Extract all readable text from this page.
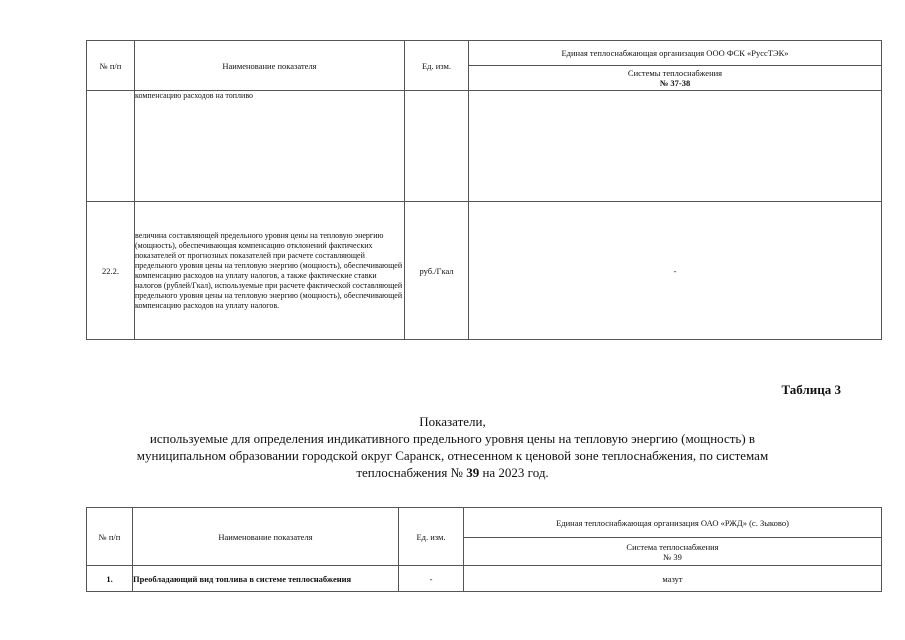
№ п/п	Наименование показателя	Ед. изм.	Единая теплоснабжающая организация ООО ФСК «РуссТЭК»

			Системы теплоснабжения
№ 37-38

	компенсацию расходов на топливо		
22.2.	величина составляющей предельного уровня цены на тепловую энергию (мощность), обеспечивающая компенсацию отклонений фактических показателей от прогнозных показателей при расчете составляющей предельного уровня цены на тепловую энергию (мощность), обеспечивающей компенсацию расходов на уплату налогов, а также фактические ставки налогов (рублей/Гкал), используемые при расчете фактической составляющей предельного уровня цены на тепловую энергию (мощность), обеспечивающей компенсацию расходов на уплату налогов.	руб./Гкал	-
Таблица 3
Показатели,
используемые для определения индикативного предельного уровня цены на тепловую энергию (мощность) в
муниципальном образовании городской округ Саранск, отнесенном к ценовой зоне теплоснабжения, по системам
теплоснабжения № 39 на 2023 год.
№ п/п	Наименование показателя	Ед. изм.	Единая теплоснабжающая организация ОАО «РЖД» (с. Зыково)

			Система теплоснабжения
№ 39

1.	Преобладающий вид топлива в системе теплоснабжения	-	мазут
